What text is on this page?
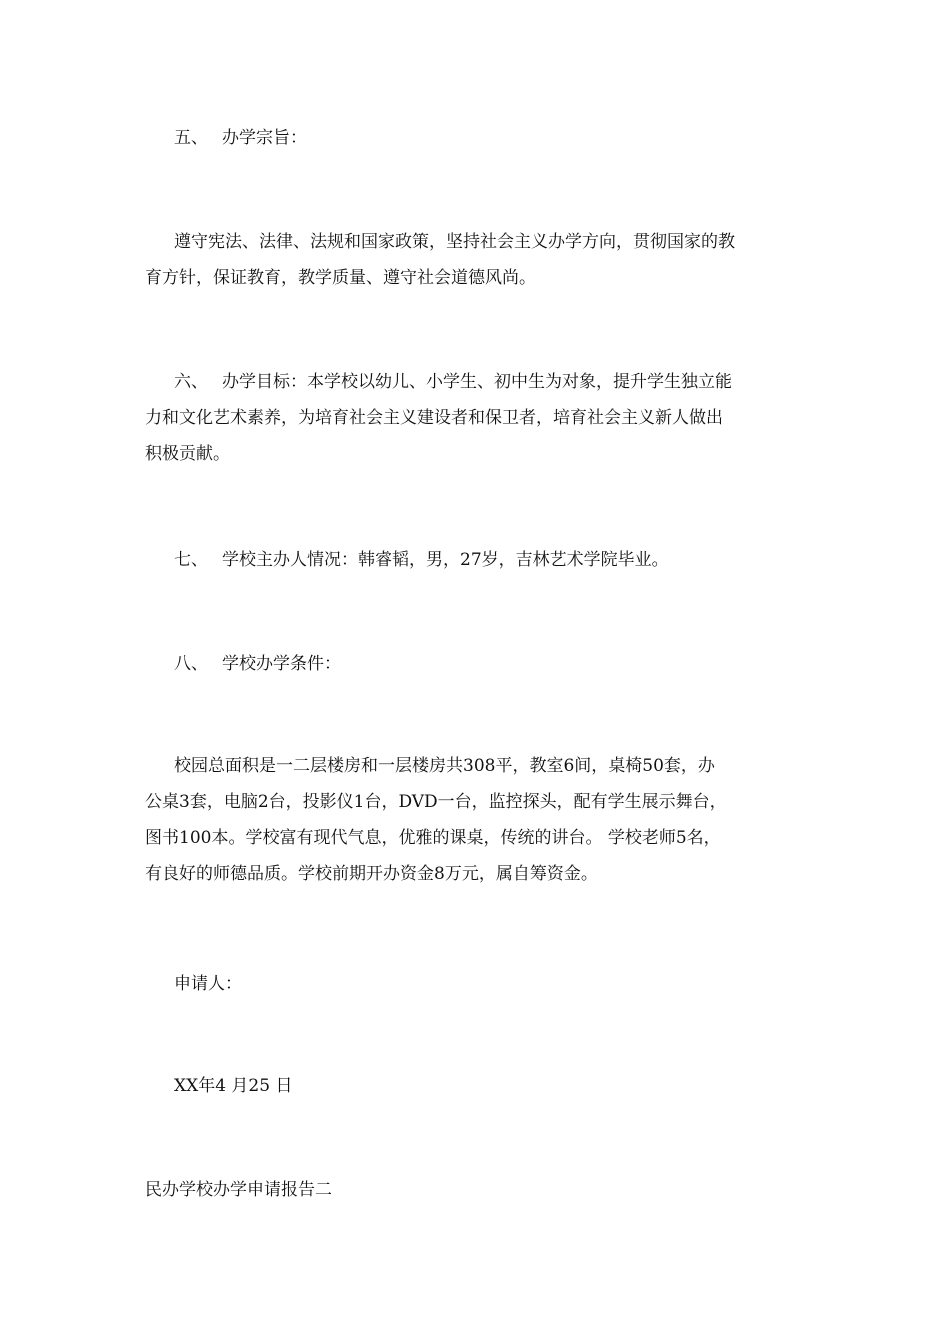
五、 办学宗旨：

遵守宪法、法律、法规和国家政策，坚持社会主义办学方向，贯彻国家的教
育方针，保证教育，教学质量、遵守社会道德风尚。

六、 办学目标：本学校以幼儿、小学生、初中生为对象，提升学生独立能
力和文化艺术素养，为培育社会主义建设者和保卫者，培育社会主义新人做出
积极贡献。

七、 学校主办人情况：韩睿韬，男，27岁，吉林艺术学院毕业。

八、 学校办学条件：

校园总面积是一二层楼房和一层楼房共308平，教室6间，桌椅50套，办
公桌3套，电脑2台，投影仪1台，DVD一台，监控探头，配有学生展示舞台，
图书100本。学校富有现代气息，优雅的课桌，传统的讲台。 学校老师5名，
有良好的师德品质。学校前期开办资金8万元，属自筹资金。

申请人：

XX年4 月25 日

民办学校办学申请报告二
